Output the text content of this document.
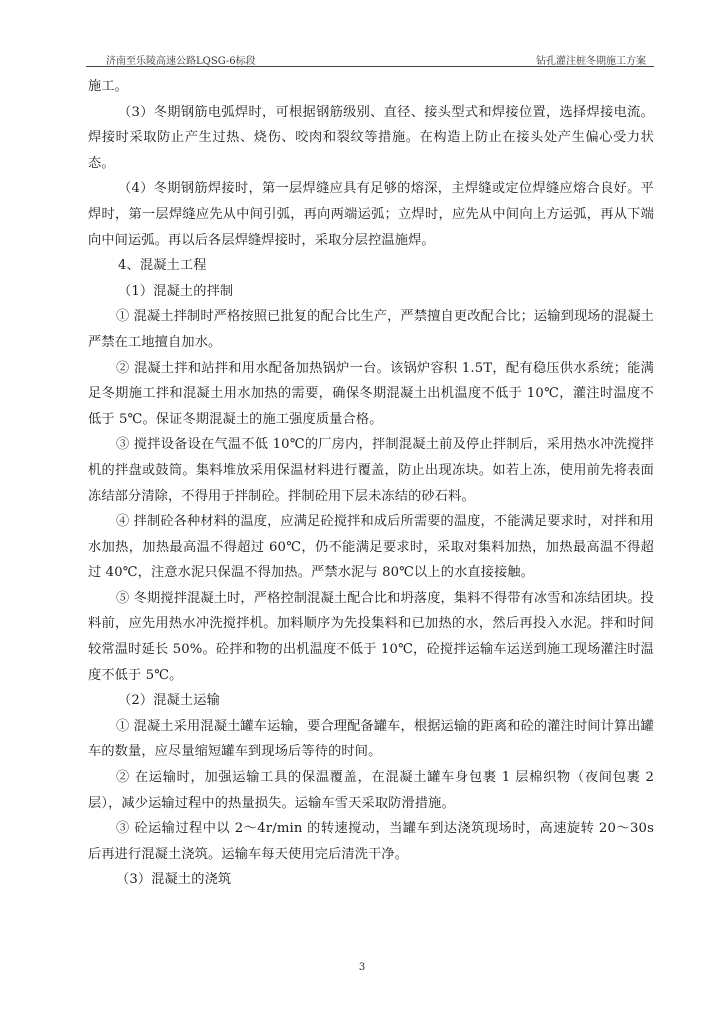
济南至乐陵高速公路LQSG-6标段	钻孔灌注桩冬期施工方案

施工。

（3）冬期钢筋电弧焊时，可根据钢筋级别、直径、接头型式和焊接位置，选择焊接电流。焊接时采取防止产生过热、烧伤、咬肉和裂纹等措施。在构造上防止在接头处产生偏心受力状态。

（4）冬期钢筋焊接时，第一层焊缝应具有足够的熔深，主焊缝或定位焊缝应熔合良好。平焊时，第一层焊缝应先从中间引弧，再向两端运弧；立焊时，应先从中间向上方运弧，再从下端向中间运弧。再以后各层焊缝焊接时，采取分层控温施焊。

4、混凝土工程

（1）混凝土的拌制

① 混凝土拌制时严格按照已批复的配合比生产，严禁擅自更改配合比；运输到现场的混凝土严禁在工地擅自加水。

② 混凝土拌和站拌和用水配备加热锅炉一台。该锅炉容积 1.5T，配有稳压供水系统；能满足冬期施工拌和混凝土用水加热的需要，确保冬期混凝土出机温度不低于 10℃，灌注时温度不低于 5℃。保证冬期混凝土的施工强度质量合格。

③ 搅拌设备设在气温不低 10℃的厂房内，拌制混凝土前及停止拌制后，采用热水冲洗搅拌机的拌盘或鼓筒。集料堆放采用保温材料进行覆盖，防止出现冻块。如若上冻，使用前先将表面冻结部分清除，不得用于拌制砼。拌制砼用下层未冻结的砂石料。

④ 拌制砼各种材料的温度，应满足砼搅拌和成后所需要的温度，不能满足要求时，对拌和用水加热，加热最高温不得超过 60℃，仍不能满足要求时，采取对集料加热，加热最高温不得超过 40℃，注意水泥只保温不得加热。严禁水泥与 80℃以上的水直接接触。

⑤ 冬期搅拌混凝土时，严格控制混凝土配合比和坍落度，集料不得带有冰雪和冻结团块。投料前，应先用热水冲洗搅拌机。加料顺序为先投集料和已加热的水，然后再投入水泥。拌和时间较常温时延长 50%。砼拌和物的出机温度不低于 10℃，砼搅拌运输车运送到施工现场灌注时温度不低于 5℃。

（2）混凝土运输

① 混凝土采用混凝土罐车运输，要合理配备罐车，根据运输的距离和砼的灌注时间计算出罐车的数量，应尽量缩短罐车到现场后等待的时间。

② 在运输时，加强运输工具的保温覆盖，在混凝土罐车身包裹 1 层棉织物（夜间包裹 2 层），减少运输过程中的热量损失。运输车雪天采取防滑措施。

③ 砼运输过程中以 2～4r/min 的转速搅动，当罐车到达浇筑现场时，高速旋转 20～30s 后再进行混凝土浇筑。运输车每天使用完后清洗干净。

（3）混凝土的浇筑

3
